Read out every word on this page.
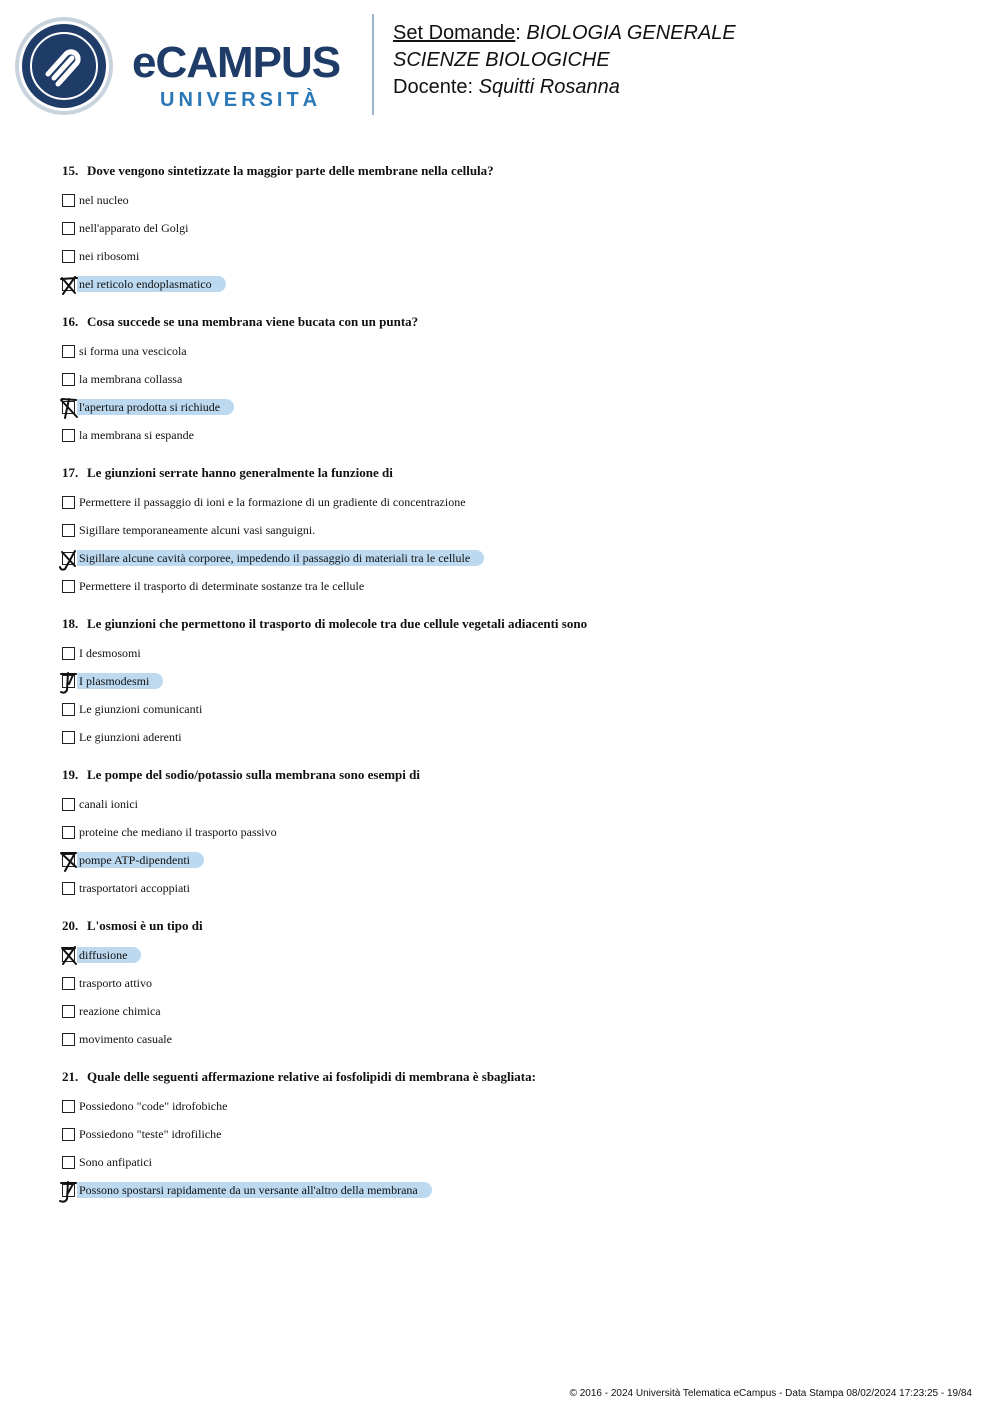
eCAMPUS
UNIVERSITÀ
Set Domande: BIOLOGIA GENERALE
SCIENZE BIOLOGICHE
Docente: Squitti Rosanna
15. Dove vengono sintetizzate la maggior parte delle membrane nella cellula?
nel nucleo
nell'apparato del Golgi
nei ribosomi
nel reticolo endoplasmatico
16. Cosa succede se una membrana viene bucata con un punta?
si forma una vescicola
la membrana collassa
l'apertura prodotta si richiude
la membrana si espande
17. Le giunzioni serrate hanno generalmente la funzione di
Permettere il passaggio di ioni e la formazione di un gradiente di concentrazione
Sigillare temporaneamente alcuni vasi sanguigni.
Sigillare alcune cavità corporee, impedendo il passaggio di materiali tra le cellule
Permettere il trasporto di determinate sostanze tra le cellule
18. Le giunzioni che permettono il trasporto di molecole tra due cellule vegetali adiacenti sono
I desmosomi
I plasmodesmi
Le giunzioni comunicanti
Le giunzioni aderenti
19. Le pompe del sodio/potassio sulla membrana sono esempi di
canali ionici
proteine che mediano il trasporto passivo
pompe ATP-dipendenti
trasportatori accoppiati
20. L'osmosi è un tipo di
diffusione
trasporto attivo
reazione chimica
movimento casuale
21. Quale delle seguenti affermazione relative ai fosfolipidi di membrana è sbagliata:
Possiedono "code" idrofobiche
Possiedono "teste" idrofiliche
Sono anfipatici
Possono spostarsi rapidamente da un versante all'altro della membrana
© 2016 - 2024 Università Telematica eCampus - Data Stampa 08/02/2024 17:23:25 - 19/84
